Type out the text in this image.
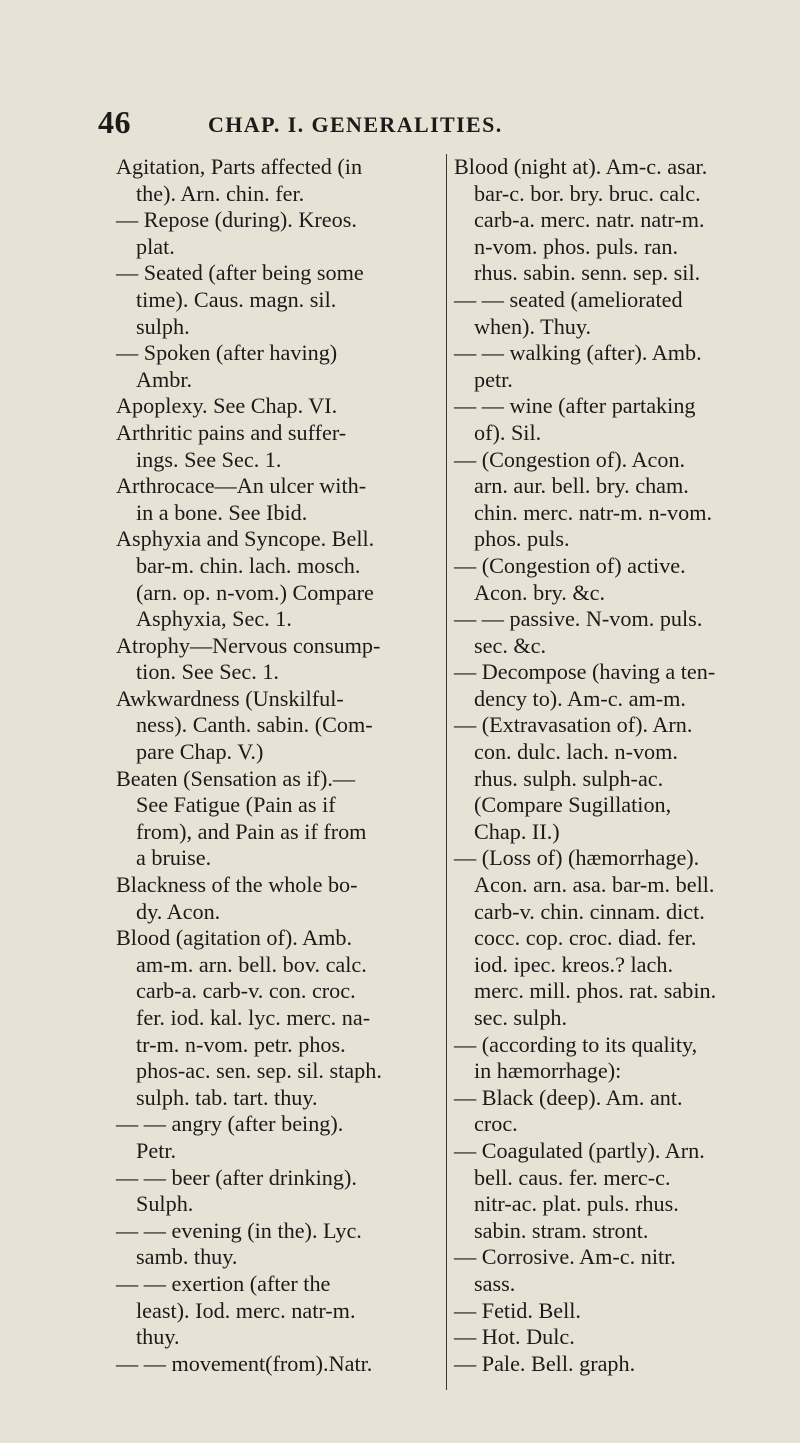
46	CHAP. I. GENERALITIES.
Agitation, Parts affected (in
the). Arn. chin. fer.
— Repose (during). Kreos.
plat.
— Seated (after being some
time). Caus. magn. sil.
sulph.
— Spoken (after having)
Ambr.
Apoplexy. See Chap. VI.
Arthritic pains and suffer-
ings. See Sec. 1.
Arthrocace—An ulcer with-
in a bone. See Ibid.
Asphyxia and Syncope. Bell.
bar-m. chin. lach. mosch.
(arn. op. n-vom.) Compare
Asphyxia, Sec. 1.
Atrophy—Nervous consump-
tion. See Sec. 1.
Awkwardness (Unskilful-
ness). Canth. sabin. (Com-
pare Chap. V.)
Beaten (Sensation as if).—
See Fatigue (Pain as if
from), and Pain as if from
a bruise.
Blackness of the whole bo-
dy. Acon.
Blood (agitation of). Amb.
am-m. arn. bell. bov. calc.
carb-a. carb-v. con. croc.
fer. iod. kal. lyc. merc. na-
tr-m. n-vom. petr. phos.
phos-ac. sen. sep. sil. staph.
sulph. tab. tart. thuy.
— — angry (after being).
Petr.
— — beer (after drinking).
Sulph.
— — evening (in the). Lyc.
samb. thuy.
— — exertion (after the
least). Iod. merc. natr-m.
thuy.
— — movement(from).Natr.
Blood (night at). Am-c. asar.
bar-c. bor. bry. bruc. calc.
carb-a. merc. natr. natr-m.
n-vom. phos. puls. ran.
rhus. sabin. senn. sep. sil.
— — seated (ameliorated
when). Thuy.
— — walking (after). Amb.
petr.
— — wine (after partaking
of). Sil.
— (Congestion of). Acon.
arn. aur. bell. bry. cham.
chin. merc. natr-m. n-vom.
phos. puls.
— (Congestion of) active.
Acon. bry. &c.
— — passive. N-vom. puls.
sec. &c.
— Decompose (having a ten-
dency to). Am-c. am-m.
— (Extravasation of). Arn.
con. dulc. lach. n-vom.
rhus. sulph. sulph-ac.
(Compare Sugillation,
Chap. II.)
— (Loss of) (hæmorrhage).
Acon. arn. asa. bar-m. bell.
carb-v. chin. cinnam. dict.
cocc. cop. croc. diad. fer.
iod. ipec. kreos.? lach.
merc. mill. phos. rat. sabin.
sec. sulph.
— (according to its quality,
in hæmorrhage):
— Black (deep). Am. ant.
croc.
— Coagulated (partly). Arn.
bell. caus. fer. merc-c.
nitr-ac. plat. puls. rhus.
sabin. stram. stront.
— Corrosive. Am-c. nitr.
sass.
— Fetid. Bell.
— Hot. Dulc.
— Pale. Bell. graph.
